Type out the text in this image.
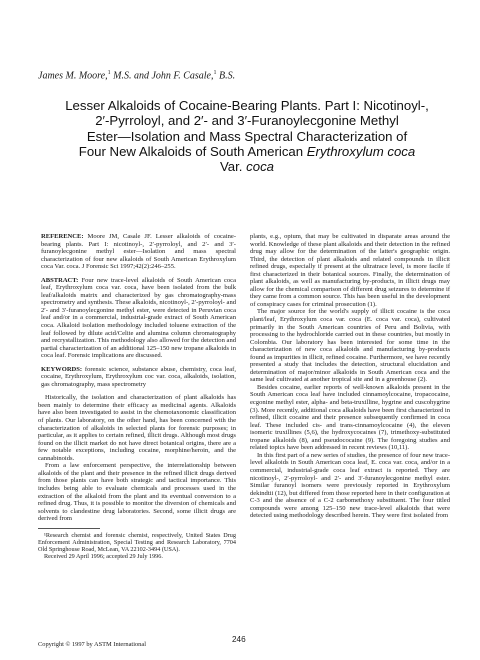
James M. Moore,$^1$ M.S. and John F. Casale,$^1$ B.S.
Lesser Alkaloids of Cocaine-Bearing Plants. Part I: Nicotinoyl-,
2′-Pyrroloyl, and 2′- and 3′-Furanoylecgonine Methyl
Ester—Isolation and Mass Spectral Characterization of
Four New Alkaloids of South American Erythroxylum coca
Var. coca

REFERENCE: Moore JM, Casale JF. Lesser alkaloids of cocaine-bearing plants. Part I: nicotinoyl-, 2′-pyrroloyl, and 2′- and 3′-furanoylecgonine methyl ester—Isolation and mass spectral characterization of four new alkaloids of South American Erythroxylum coca Var. coca. J Forensic Sci 1997;42(2):246–255.

ABSTRACT: Four new trace-level alkaloids of South American coca leaf, Erythroxylum coca var. coca, have been isolated from the bulk leaf/alkaloids matrix and characterized by gas chromatography-mass spectrometry and synthesis. These alkaloids, nicotinoyl-, 2′-pyrroloyl- and 2′- and 3′-furanoylecgonine methyl ester, were detected in Peruvian coca leaf and/or in a commercial, industrial-grade extract of South American coca. Alkaloid isolation methodology included toluene extraction of the leaf followed by dilute acid/Celite and alumina column chromatography and recrystallization. This methodology also allowed for the detection and partial characterization of an additional 125–150 new tropane alkaloids in coca leaf. Forensic implications are discussed.

KEYWORDS: forensic science, substance abuse, chemistry, coca leaf, cocaine, Erythroxylum, Erythroxylum coc var. coca, alkaloids, isolation, gas chromatography, mass spectrometry

Historically, the isolation and characterization of plant alkaloids has been mainly to determine their efficacy as medicinal agents. Alkaloids have also been investigated to assist in the chemotaxonomic classification of plants. Our laboratory, on the other hand, has been concerned with the characterization of alkaloids in selected plants for forensic purposes; in particular, as it applies to certain refined, illicit drugs. Although most drugs found on the illicit market do not have direct botanical origins, there are a few notable exceptions, including cocaine, morphine/heroin, and the cannabinoids.

From a law enforcement perspective, the interrelationship between alkaloids of the plant and their presence in the refined illicit drugs derived from those plants can have both strategic and tactical importance. This includes being able to evaluate chemicals and processes used in the extraction of the alkaloid from the plant and its eventual conversion to a refined drug. Thus, it is possible to monitor the diversion of chemicals and solvents to clandestine drug laboratories. Second, some illicit drugs are derived from

¹Research chemist and forensic chemist, respectively, United States Drug Enforcement Administration, Special Testing and Research Laboratory, 7704 Old Springhouse Road, McLean, VA 22102-3494 (USA).

Received 29 April 1996; accepted 29 July 1996.

plants, e.g., opium, that may be cultivated in disparate areas around the world. Knowledge of these plant alkaloids and their detection in the refined drug may allow for the determination of the latter's geographic origin. Third, the detection of plant alkaloids and related compounds in illicit refined drugs, especially if present at the ultratrace level, is more facile if first characterized in their botanical sources. Finally, the determination of plant alkaloids, as well as manufacturing by-products, in illicit drugs may allow for the chemical comparison of different drug seizures to determine if they came from a common source. This has been useful in the development of conspiracy cases for criminal prosecution (1).

The major source for the world's supply of illicit cocaine is the coca plant/leaf, Erythroxylum coca var. coca (E. coca var. coca), cultivated primarily in the South American countries of Peru and Bolivia, with processing to the hydrochloride carried out in these countries, but mostly in Colombia. Our laboratory has been interested for some time in the characterization of new coca alkaloids and manufacturing by-products found as impurities in illicit, refined cocaine. Furthermore, we have recently presented a study that includes the detection, structural elucidation and determination of major/minor alkaloids in South American coca and the same leaf cultivated at another tropical site and in a greenhouse (2).

Besides cocaine, earlier reports of well-known alkaloids present in the South American coca leaf have included cinnamoylcocaine, tropacocaine, ecgonine methyl ester, alpha- and beta-truxilline, hygrine and cuscohygrine (3). More recently, additional coca alkaloids have been first characterized in refined, illicit cocaine and their presence subsequently confirmed in coca leaf. These included cis- and trans-cinnamoylcocaine (4), the eleven isomeric truxillines (5,6), the hydroxycocaines (7), trimethoxy-substituted tropane alkaloids (8), and pseudococaine (9). The foregoing studies and related topics have been addressed in recent reviews (10,11).

In this first part of a new series of studies, the presence of four new trace-level alkaloids in South American coca leaf, E. coca var. coca, and/or in a commercial, industrial-grade coca leaf extract is reported. They are nicotinoyl-, 2′-pyrroloyl- and 2′- and 3′-furanoylecgonine methyl ester. Similar furanoyl isomers were previously reported in Erythroxylum dekindtii (12), but differed from those reported here in their configuration at C-3 and the absence of a C-2 carbomethoxy substituent. The four titled compounds were among 125–150 new trace-level alkaloids that were detected using methodology described herein. They were first isolated from

246
Copyright © 1997 by ASTM International
